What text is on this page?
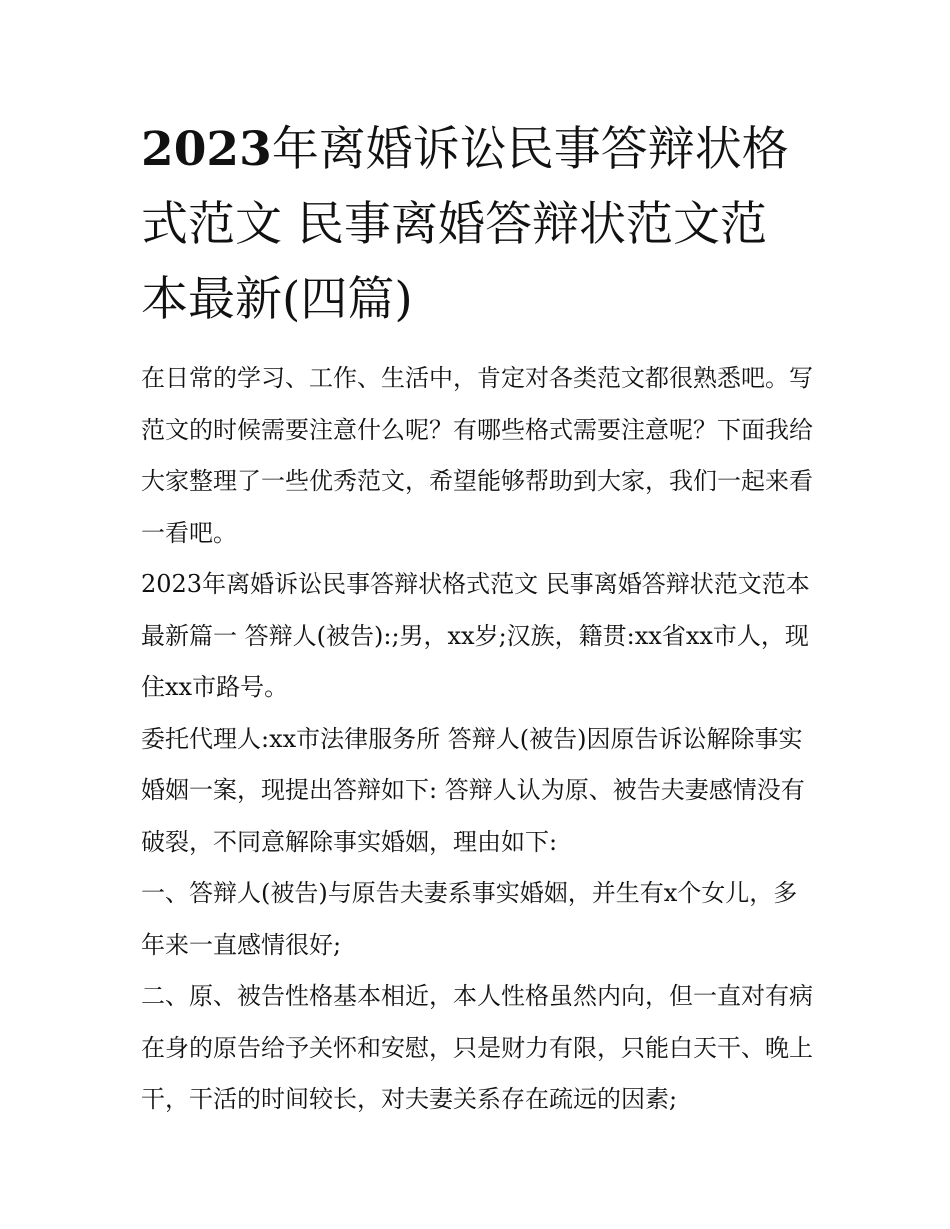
2023年离婚诉讼民事答辩状格式范文 民事离婚答辩状范文范本最新(四篇)

在日常的学习、工作、生活中，肯定对各类范文都很熟悉吧。写范文的时候需要注意什么呢？有哪些格式需要注意呢？下面我给大家整理了一些优秀范文，希望能够帮助到大家，我们一起来看一看吧。

2023年离婚诉讼民事答辩状格式范文 民事离婚答辩状范文范本最新篇一 答辩人(被告):;男，xx岁;汉族，籍贯:xx省xx市人，现住xx市路号。

委托代理人:xx市法律服务所 答辩人(被告)因原告诉讼解除事实婚姻一案，现提出答辩如下: 答辩人认为原、被告夫妻感情没有破裂，不同意解除事实婚姻，理由如下:

一、答辩人(被告)与原告夫妻系事实婚姻，并生有x个女儿，多年来一直感情很好;

二、原、被告性格基本相近，本人性格虽然内向，但一直对有病在身的原告给予关怀和安慰，只是财力有限，只能白天干、晚上干，干活的时间较长，对夫妻关系存在疏远的因素;
